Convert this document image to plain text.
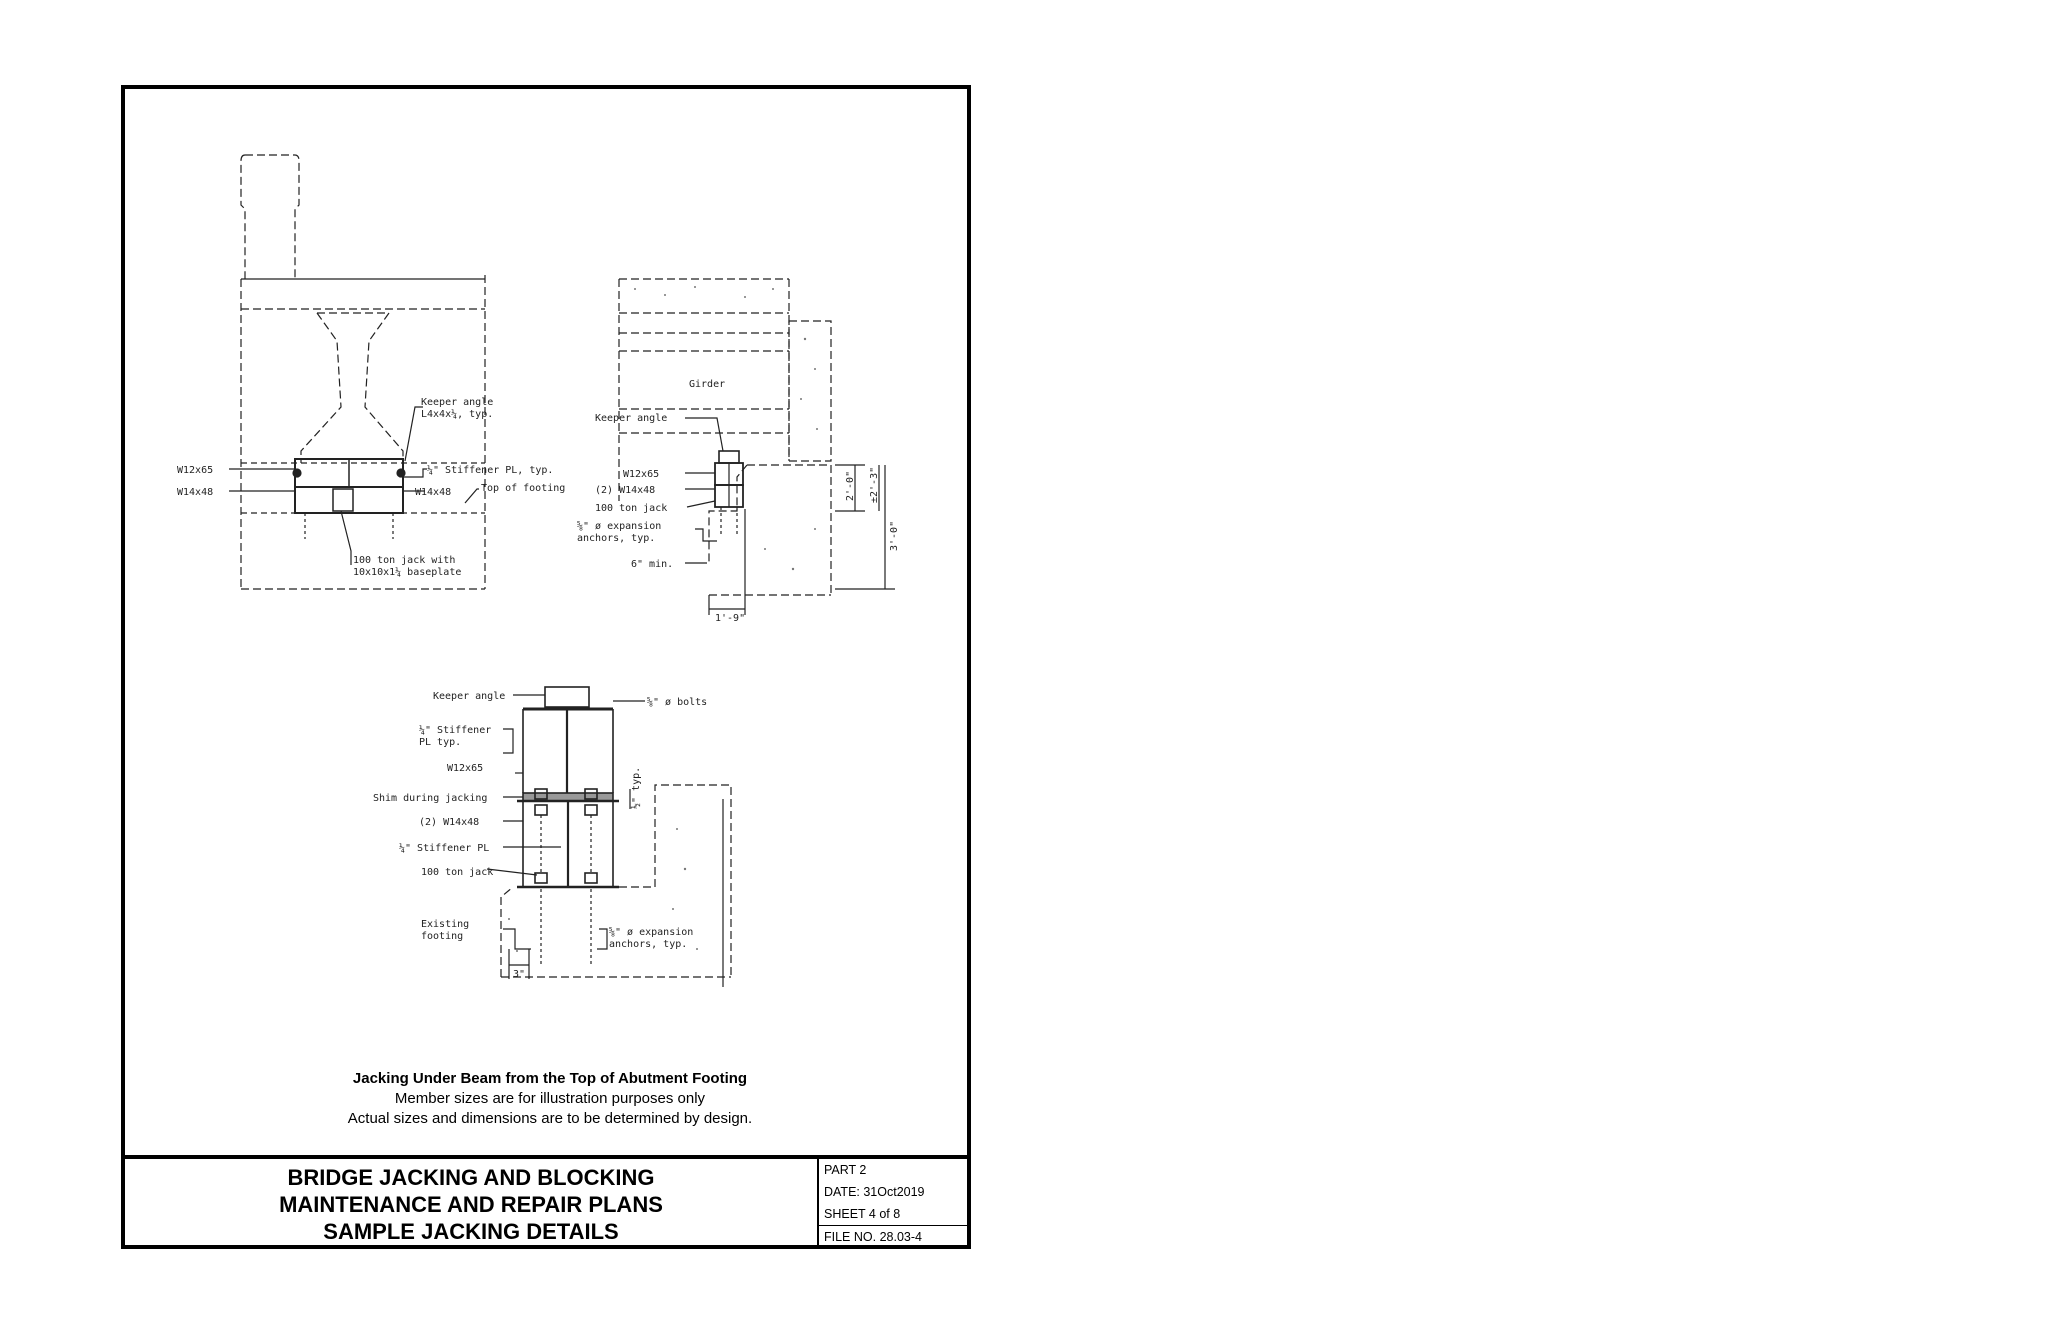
Keeper angle
L4x4x¼, typ.
W12x65
W14x48
¼" Stiffener PL, typ.
W14x48	Top of footing
100 ton jack with
10x10x1¼ baseplate
Girder
Keeper angle
W12x65
(2) W14x48
100 ton jack
⅝" ø expansion
anchors, typ.
6" min.
1'-9"
2'-0" ±2'-3"
3'-0"
Keeper angle
⅝" ø bolts
¼" Stiffener
PL typ.
W12x65	½" typ.
Shim during jacking
(2) W14x48
¼" Stiffener PL
100 ton jack
Existing
footing	⅝" ø expansion
anchors, typ.
3"
Jacking Under Beam from the Top of Abutment Footing
Member sizes are for illustration purposes only
Actual sizes and dimensions are to be determined by design.
BRIDGE JACKING AND BLOCKING
MAINTENANCE AND REPAIR PLANS
SAMPLE JACKING DETAILS
PART 2
DATE: 31Oct2019
SHEET 4 of 8
FILE NO. 28.03-4
